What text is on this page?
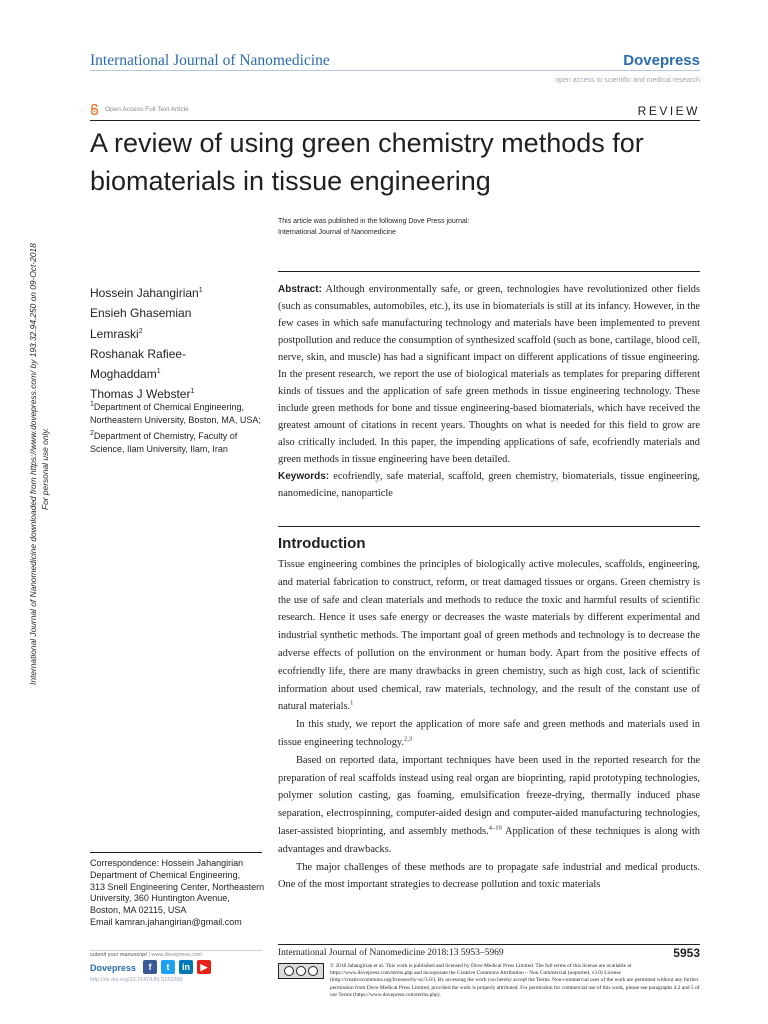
International Journal of Nanomedicine	Dovepress
open access to scientific and medical research
Open Access Full Text Article	REVIEW
A review of using green chemistry methods for biomaterials in tissue engineering
This article was published in the following Dove Press journal:
International Journal of Nanomedicine
International Journal of Nanomedicine downloaded from https://www.dovepress.com/ by 193.32.94.250 on 09-Oct-2018 For personal use only.
Hossein Jahangirian$^1$
Ensieh Ghasemian
Lemraski$^2$
Roshanak Rafiee-
Moghaddam$^1$
Thomas J Webster$^1$
$^1$Department of Chemical Engineering, Northeastern University, Boston, MA, USA; $^2$Department of Chemistry, Faculty of Science, Ilam University, Ilam, Iran
Abstract: Although environmentally safe, or green, technologies have revolutionized other fields (such as consumables, automobiles, etc.), its use in biomaterials is still at its infancy. However, in the few cases in which safe manufacturing technology and materials have been implemented to prevent postpollution and reduce the consumption of synthesized scaffold (such as bone, cartilage, blood cell, nerve, skin, and muscle) has had a significant impact on different applications of tissue engineering. In the present research, we report the use of biological materials as templates for preparing different kinds of tissues and the application of safe green methods in tissue engineering technology. These include green methods for bone and tissue engineering-based biomaterials, which have received the greatest amount of citations in recent years. Thoughts on what is needed for this field to grow are also critically included. In this paper, the impending applications of safe, ecofriendly materials and green methods in tissue engineering have been detailed.
Keywords: ecofriendly, safe material, scaffold, green chemistry, biomaterials, tissue engineering, nanomedicine, nanoparticle
Introduction

Tissue engineering combines the principles of biologically active molecules, scaffolds, engineering, and material fabrication to construct, reform, or treat damaged tissues or organs. Green chemistry is the use of safe and clean materials and methods to reduce the toxic and harmful results of scientific research. Hence it uses safe energy or decreases the waste materials by different experimental and industrial synthetic methods. The important goal of green methods and technology is to decrease the adverse effects of pollution on the environment or human body. Apart from the positive effects of ecofriendly life, there are many drawbacks in green chemistry, such as high cost, lack of scientific information about used chemical, raw materials, technology, and the result of the constant use of natural materials.$^1$

In this study, we report the application of more safe and green methods and materials used in tissue engineering technology.$^{2,3}$

Based on reported data, important techniques have been used in the reported research for the preparation of real scaffolds instead using real organ are bioprinting, rapid prototyping technologies, polymer solution casting, gas foaming, emulsification freeze-drying, thermally induced phase separation, electrospinning, computer-aided design and computer-aided manufacturing technologies, laser-assisted bioprinting, and assembly methods.$^{4-10}$ Application of these techniques is along with advantages and drawbacks.

The major challenges of these methods are to propagate safe industrial and medical products. One of the most important strategies to decrease pollution and toxic materials

Correspondence: Hossein Jahangirian
Department of Chemical Engineering,
313 Snell Engineering Center, Northeastern
University, 360 Huntington Avenue,
Boston, MA 02115, USA
Email kamran.jahangirian@gmail.com
submit your manuscript | www.dovepress.com
Dovepress	f	t	in	▶
http://dx.doi.org/10.2147/IJN.S163399
International Journal of Nanomedicine 2018:13 5953–5969	5953
© 2018 Jahangirian et al. This work is published and licensed by Dove Medical Press Limited. The full terms of this license are available at https://www.dovepress.com/terms.php and incorporate the Creative Commons Attribution – Non Commercial (unported, v3.0) License (http://creativecommons.org/licenses/by-nc/3.0/). By accessing the work you hereby accept the Terms. Non-commercial uses of the work are permitted without any further permission from Dove Medical Press Limited, provided the work is properly attributed. For permission for commercial use of this work, please see paragraphs 4.2 and 5 of our Terms (https://www.dovepress.com/terms.php).
